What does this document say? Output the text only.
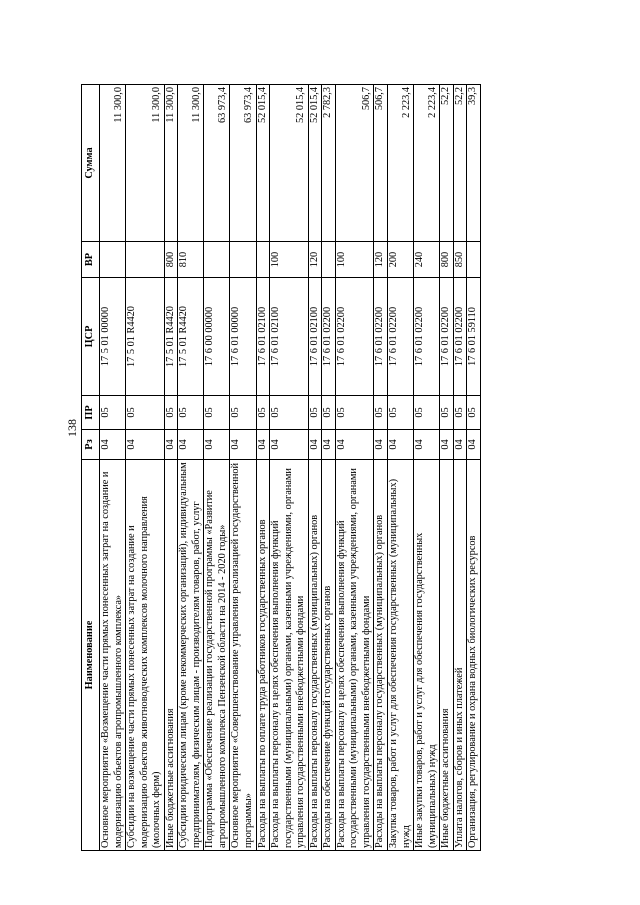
138
Наименование	Рз	ПР	ЦСР	ВР	Сумма
Основное мероприятие «Возмещение части прямых понесенных затрат на создание и модернизацию объектов агропромышленного комплекса»	04	05	17 5 01 00000		11 300,0
Субсидии на возмещение части прямых понесенных затрат на создание и модернизацию объектов животноводческих комплексов молочного направления (молочных ферм)	04	05	17 5 01 R4420		11 300,0
Иные бюджетные ассигнования	04	05	17 5 01 R4420	800	11 300,0
Субсидии юридическим лицам (кроме некоммерческих организаций), индивидуальным предпринимателям, физическим лицам - производителям товаров, работ, услуг	04	05	17 5 01 R4420	810	11 300,0
Подпрограмма «Обеспечение реализации государственной программы «Развитие агропромышленного комплекса Пензенской области на 2014 - 2020 годы»	04	05	17 6 00 00000		63 973,4
Основное мероприятие «Совершенствование управления реализацией государственной программы»	04	05	17 6 01 00000		63 973,4
Расходы на выплаты по оплате труда работников государственных органов	04	05	17 6 01 02100		52 015,4
Расходы на выплаты персоналу в целях обеспечения выполнения функций государственными (муниципальными) органами, казенными учреждениями, органами управления государственными внебюджетными фондами	04	05	17 6 01 02100	100	52 015,4
Расходы на выплаты персоналу государственных (муниципальных) органов	04	05	17 6 01 02100	120	52 015,4
Расходы на обеспечение функций государственных органов	04	05	17 6 01 02200		2 782,3
Расходы на выплаты персоналу в целях обеспечения выполнения функций государственными (муниципальными) органами, казенными учреждениями, органами управления государственными внебюджетными фондами	04	05	17 6 01 02200	100	506,7
Расходы на выплаты персоналу государственных (муниципальных) органов	04	05	17 6 01 02200	120	506,7
Закупка товаров, работ и услуг для обеспечения государственных (муниципальных) нужд	04	05	17 6 01 02200	200	2 223,4
Иные закупки товаров, работ и услуг для обеспечения государственных (муниципальных) нужд	04	05	17 6 01 02200	240	2 223,4
Иные бюджетные ассигнования	04	05	17 6 01 02200	800	52,2
Уплата налогов, сборов и иных платежей	04	05	17 6 01 02200	850	52,2
Организация, регулирование и охрана водных биологических ресурсов	04	05	17 6 01 59110		39,3
